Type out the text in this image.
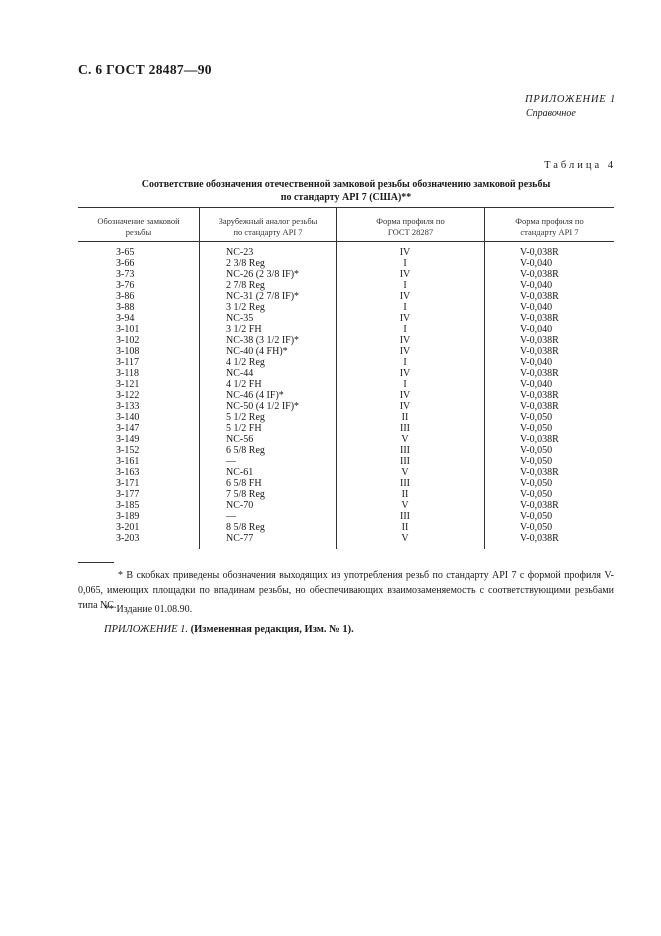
С. 6 ГОСТ 28487—90
ПРИЛОЖЕНИЕ 1
Справочное
Таблица 4
Соответствие обозначения отечественной замковой резьбы обозначению замковой резьбы
по стандарту API 7 (США)**
Обозначение замковой
резьбы
Зарубежный аналог резьбы
по стандарту API 7
Форма профиля по
ГОСТ 28287
Форма профиля по
стандарту API 7
З-65
З-66
З-73
З-76
З-86
З-88
З-94
З-101
З-102
З-108
З-117
З-118
З-121
З-122
З-133
З-140
З-147
З-149
З-152
З-161
З-163
З-171
З-177
З-185
З-189
З-201
З-203
NC-23
2 3/8 Reg
NC-26 (2 3/8 IF)*
2 7/8 Reg
NC-31 (2 7/8 IF)*
3 1/2 Reg
NC-35
3 1/2 FH
NC-38 (3 1/2 IF)*
NC-40 (4 FH)*
4 1/2 Reg
NC-44
4 1/2 FH
NC-46 (4 IF)*
NC-50 (4 1/2 IF)*
5 1/2 Reg
5 1/2 FH
NC-56
6 5/8 Reg
—
NC-61
6 5/8 FH
7 5/8 Reg
NC-70
—
8 5/8 Reg
NC-77
IV
I
IV
I
IV
I
IV
I
IV
IV
I
IV
I
IV
IV
II
III
V
III
III
V
III
II
V
III
II
V
V-0,038R
V-0,040
V-0,038R
V-0,040
V-0,038R
V-0,040
V-0,038R
V-0,040
V-0,038R
V-0,038R
V-0,040
V-0,038R
V-0,040
V-0,038R
V-0,038R
V-0,050
V-0,050
V-0,038R
V-0,050
V-0,050
V-0,038R
V-0,050
V-0,050
V-0,038R
V-0,050
V-0,050
V-0,038R
* В скобках приведены обозначения выходящих из употребления резьб по стандарту API 7 с формой профиля V-0,065, имеющих площадки по впадинам резьбы, но обеспечивающих взаимозаменяемость с соответствующими резьбами типа NC.
** Издание 01.08.90.
ПРИЛОЖЕНИЕ 1. (Измененная редакция, Изм. № 1).
